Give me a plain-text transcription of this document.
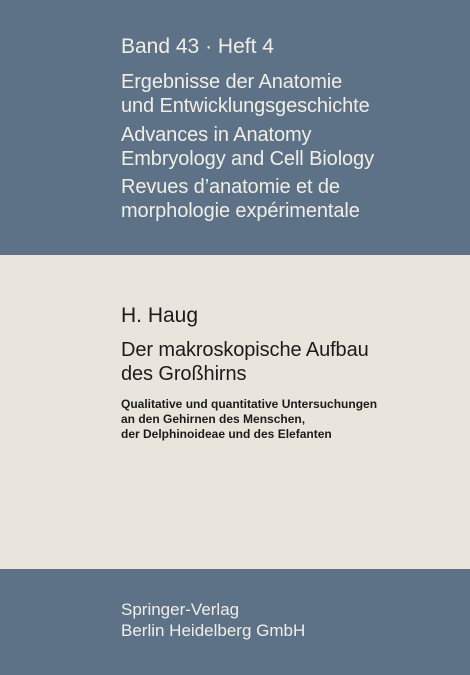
Band 43 · Heft 4

Ergebnisse der Anatomie

und Entwicklungsgeschichte

Advances in Anatomy

Embryology and Cell Biology

Revues d’anatomie et de

morphologie expérimentale

H. Haug

Der makroskopische Aufbau

des Großhirns

Qualitative und quantitative Untersuchungen

an den Gehirnen des Menschen,

der Delphinoideae und des Elefanten

Springer-Verlag

Berlin Heidelberg GmbH
